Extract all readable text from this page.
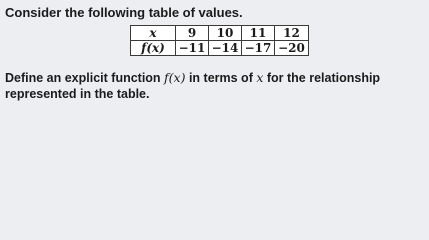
Consider the following table of values.
x	9	10	11	12
f(x)	−11	−14	−17	−20
Define an explicit function f(x) in terms of x for the relationship represented in the table.
